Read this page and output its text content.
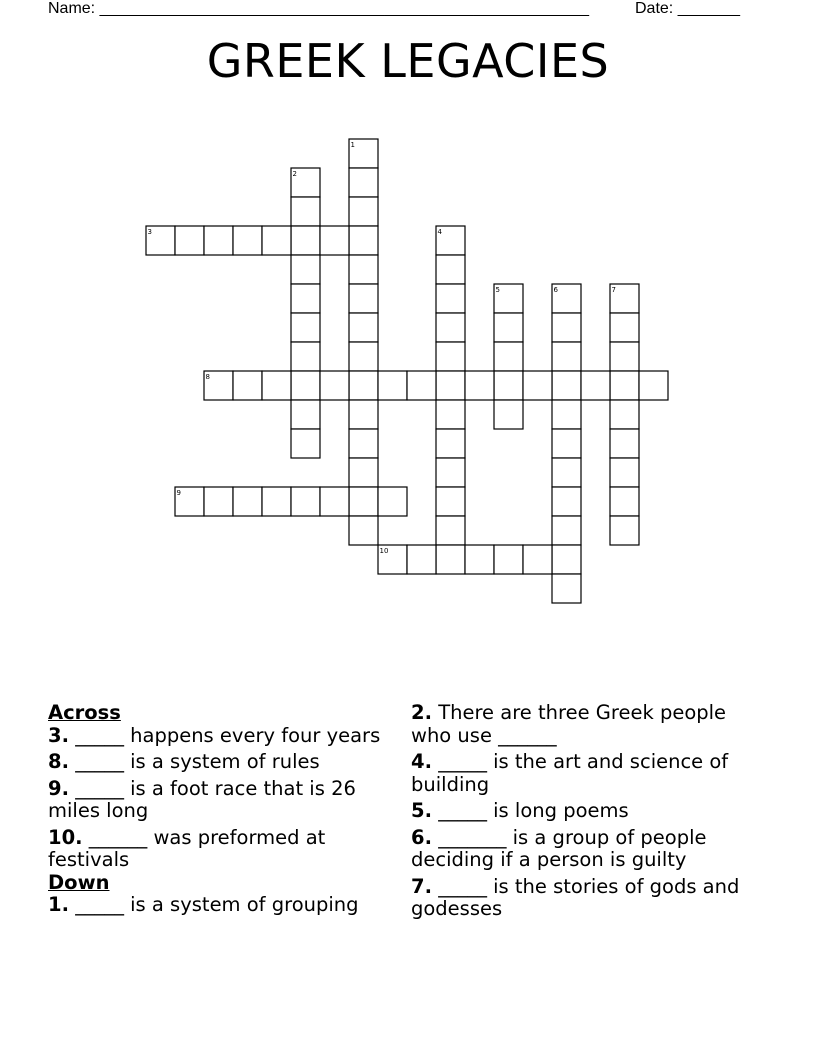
Name: _______________________________________________________	Date: _______
GREEK LEGACIES
1
2
3	4
5	6	7
8
9
10
Across
3. _____ happens every four years
8. _____ is a system of rules
9. _____ is a foot race that is 26 miles long
10. ______ was preformed at festivals
Down
1. _____ is a system of grouping
2. There are three Greek people who use ______
4. _____ is the art and science of building
5. _____ is long poems
6. _______ is a group of people deciding if a person is guilty
7. _____ is the stories of gods and godesses
